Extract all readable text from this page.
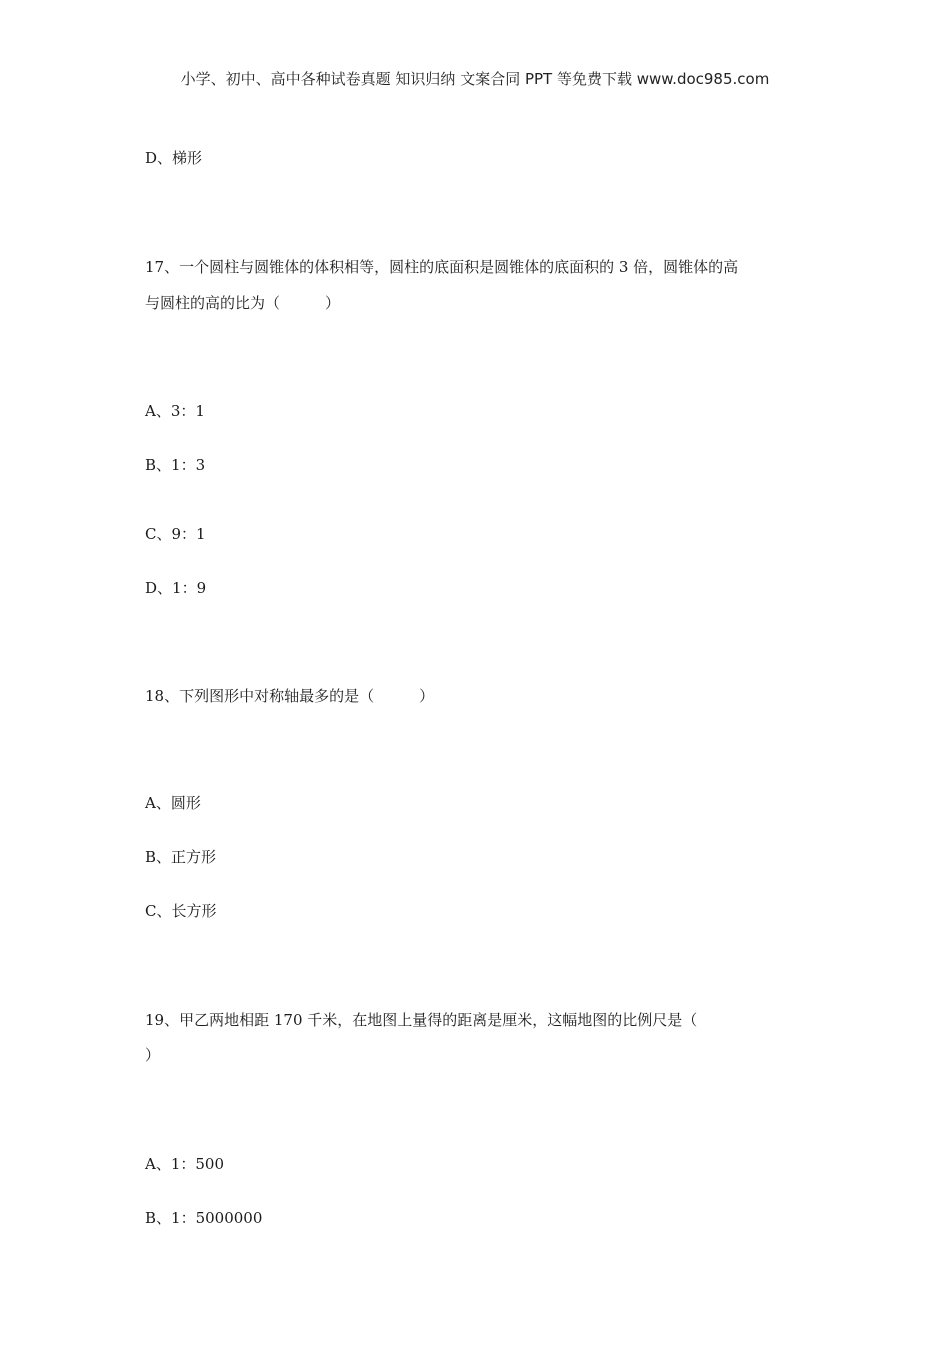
小学、初中、高中各种试卷真题 知识归纳 文案合同 PPT 等免费下载 www.doc985.com
D、梯形
17、一个圆柱与圆锥体的体积相等，圆柱的底面积是圆锥体的底面积的 3 倍，圆锥体的高
与圆柱的高的比为（　　　）
A、3：1
B、1：3
C、9：1
D、1：9
18、下列图形中对称轴最多的是（　　　）
A、圆形
B、正方形
C、长方形
19、甲乙两地相距 170 千米，在地图上量得的距离是厘米，这幅地图的比例尺是（
）
A、1：500
B、1：5000000
